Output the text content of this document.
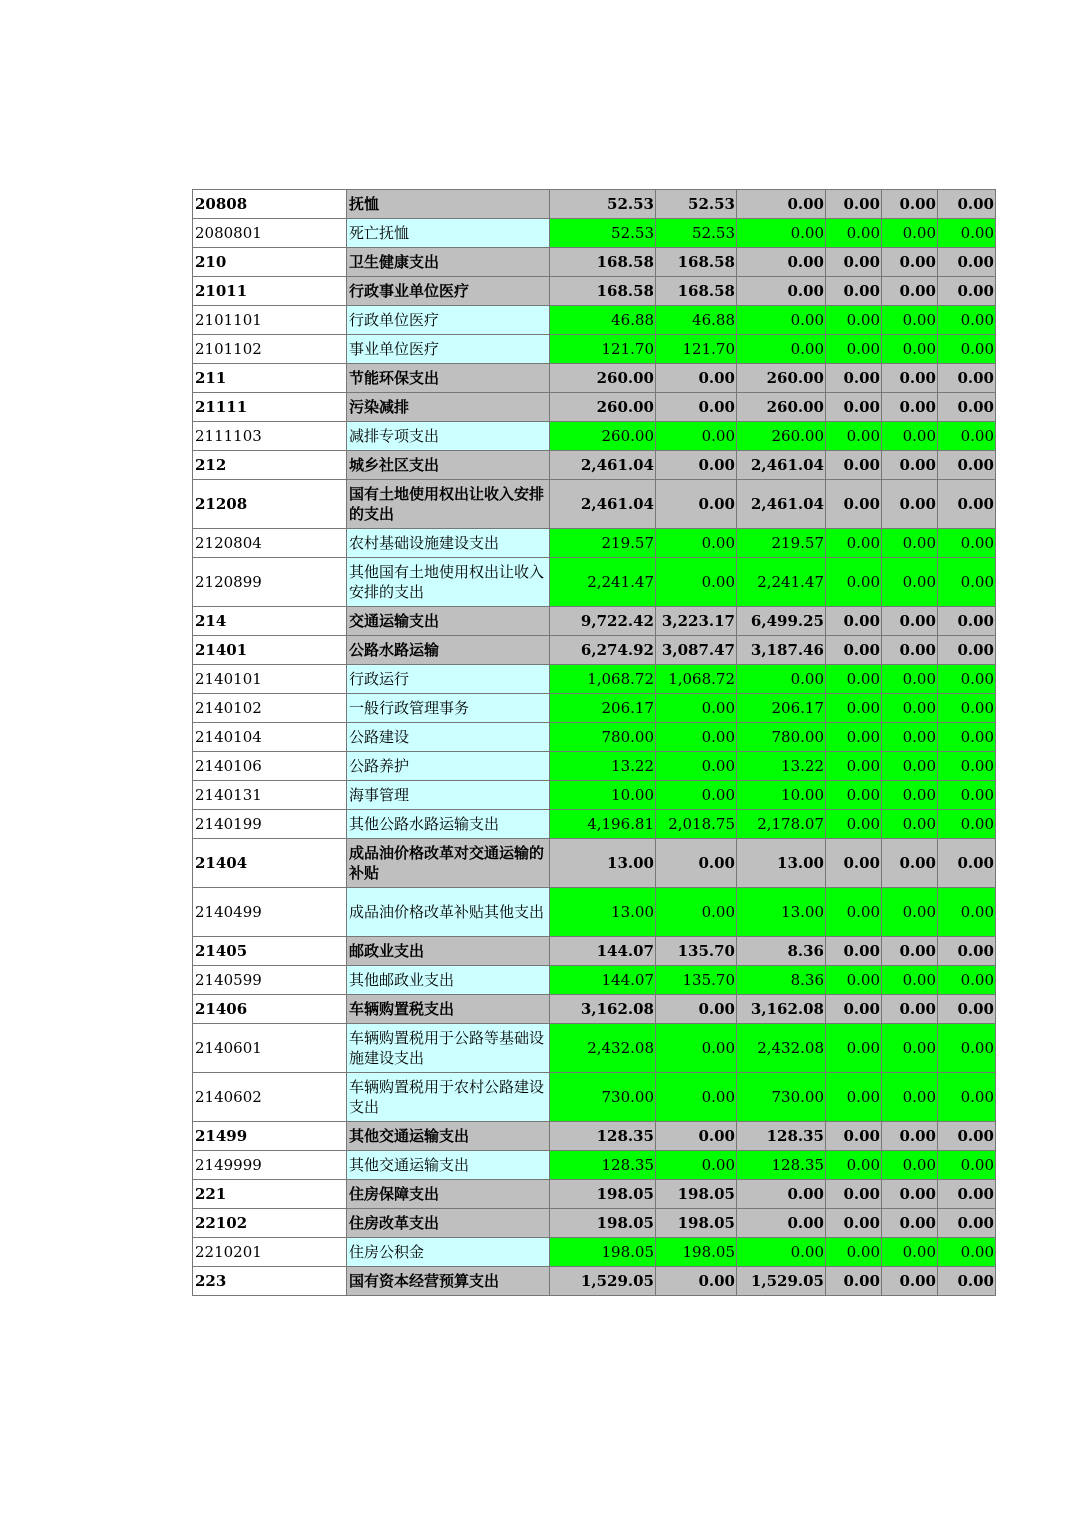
20808	抚恤	52.53	52.53	0.00	0.00	0.00	0.00
2080801	死亡抚恤	52.53	52.53	0.00	0.00	0.00	0.00
210	卫生健康支出	168.58	168.58	0.00	0.00	0.00	0.00
21011	行政事业单位医疗	168.58	168.58	0.00	0.00	0.00	0.00
2101101	行政单位医疗	46.88	46.88	0.00	0.00	0.00	0.00
2101102	事业单位医疗	121.70	121.70	0.00	0.00	0.00	0.00
211	节能环保支出	260.00	0.00	260.00	0.00	0.00	0.00
21111	污染减排	260.00	0.00	260.00	0.00	0.00	0.00
2111103	减排专项支出	260.00	0.00	260.00	0.00	0.00	0.00
212	城乡社区支出	2,461.04	0.00	2,461.04	0.00	0.00	0.00
21208	国有土地使用权出让收入安排的支出	2,461.04	0.00	2,461.04	0.00	0.00	0.00
2120804	农村基础设施建设支出	219.57	0.00	219.57	0.00	0.00	0.00
2120899	其他国有土地使用权出让收入安排的支出	2,241.47	0.00	2,241.47	0.00	0.00	0.00
214	交通运输支出	9,722.42	3,223.17	6,499.25	0.00	0.00	0.00
21401	公路水路运输	6,274.92	3,087.47	3,187.46	0.00	0.00	0.00
2140101	行政运行	1,068.72	1,068.72	0.00	0.00	0.00	0.00
2140102	一般行政管理事务	206.17	0.00	206.17	0.00	0.00	0.00
2140104	公路建设	780.00	0.00	780.00	0.00	0.00	0.00
2140106	公路养护	13.22	0.00	13.22	0.00	0.00	0.00
2140131	海事管理	10.00	0.00	10.00	0.00	0.00	0.00
2140199	其他公路水路运输支出	4,196.81	2,018.75	2,178.07	0.00	0.00	0.00
21404	成品油价格改革对交通运输的补贴	13.00	0.00	13.00	0.00	0.00	0.00
2140499	成品油价格改革补贴其他支出	13.00	0.00	13.00	0.00	0.00	0.00
21405	邮政业支出	144.07	135.70	8.36	0.00	0.00	0.00
2140599	其他邮政业支出	144.07	135.70	8.36	0.00	0.00	0.00
21406	车辆购置税支出	3,162.08	0.00	3,162.08	0.00	0.00	0.00
2140601	车辆购置税用于公路等基础设施建设支出	2,432.08	0.00	2,432.08	0.00	0.00	0.00
2140602	车辆购置税用于农村公路建设支出	730.00	0.00	730.00	0.00	0.00	0.00
21499	其他交通运输支出	128.35	0.00	128.35	0.00	0.00	0.00
2149999	其他交通运输支出	128.35	0.00	128.35	0.00	0.00	0.00
221	住房保障支出	198.05	198.05	0.00	0.00	0.00	0.00
22102	住房改革支出	198.05	198.05	0.00	0.00	0.00	0.00
2210201	住房公积金	198.05	198.05	0.00	0.00	0.00	0.00
223	国有资本经营预算支出	1,529.05	0.00	1,529.05	0.00	0.00	0.00
